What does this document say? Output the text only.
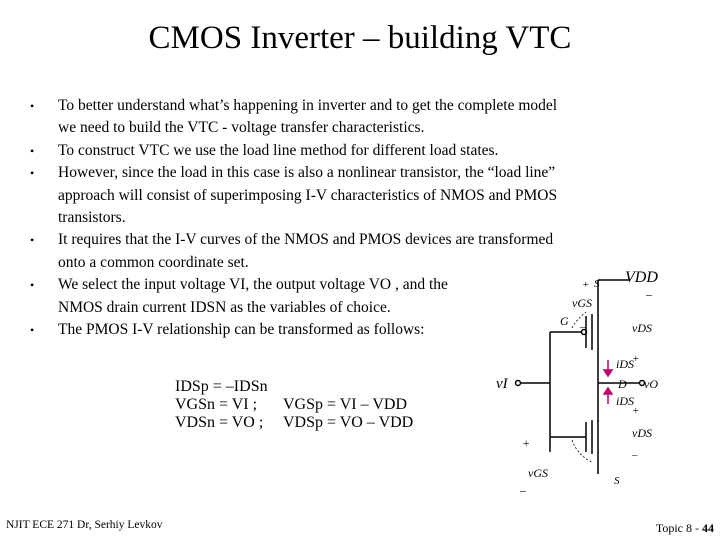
CMOS Inverter – building VTC
• To better understand what’s happening in inverter and to get the complete model
we need to build the VTC - voltage transfer characteristics.
• To construct VTC we use the load line method for different load states.
• However, since the load in this case is also a nonlinear transistor, the “load line”
approach will consist of superimposing I-V characteristics of NMOS and PMOS
transistors.
• It requires that the I-V curves of the NMOS and PMOS devices are transformed
onto a common coordinate set.
• We select the input voltage VI, the output voltage VO , and the
NMOS drain current IDSN as the variables of choice.
• The PMOS I-V relationship can be transformed as follows:
IDSp = –IDSn
VGSn = VI ;	VGSp = VI – VDD
VDSn = VO ;	VDSp = VO – VDD
VDD
S
G
D
S
vI	vO
iDS
iDS
vGS
vDS
vGS
vDS
+
–
–
+
+
–
+
–
NJIT ECE 271 Dr, Serhiy Levkov	Topic 8 - 44
